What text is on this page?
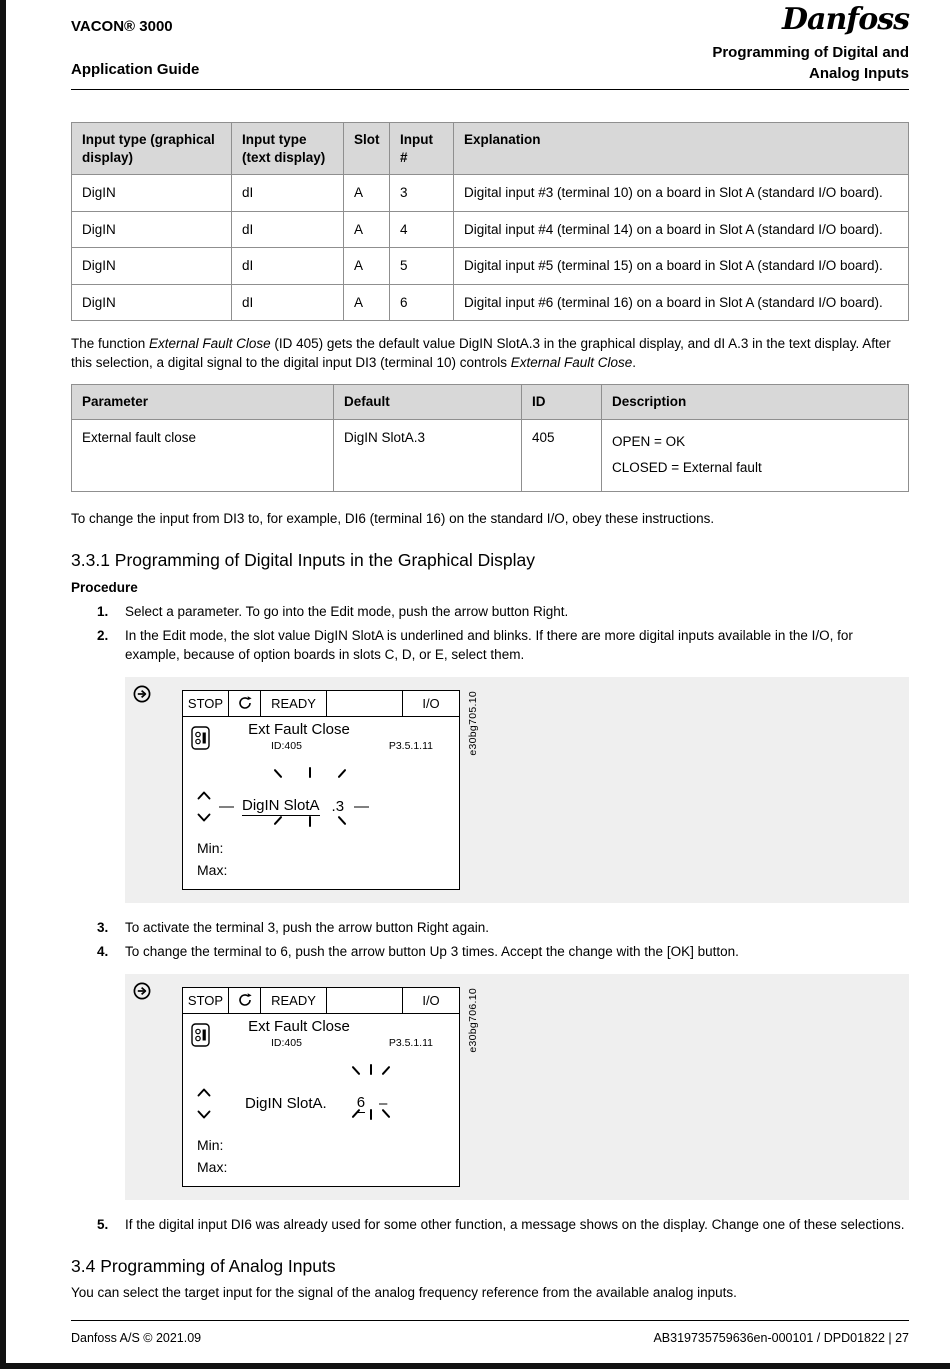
VACON® 3000
Application Guide
Danfoss
Programming of Digital and
Analog Inputs
Input type (graphical display)	Input type (text display)	Slot	Input #	Explanation
DigIN	dI	A	3	Digital input #3 (terminal 10) on a board in Slot A (standard I/O board).
DigIN	dI	A	4	Digital input #4 (terminal 14) on a board in Slot A (standard I/O board).
DigIN	dI	A	5	Digital input #5 (terminal 15) on a board in Slot A (standard I/O board).
DigIN	dI	A	6	Digital input #6 (terminal 16) on a board in Slot A (standard I/O board).

The function External Fault Close (ID 405) gets the default value DigIN SlotA.3 in the graphical display, and dI A.3 in the text display. After this selection, a digital signal to the digital input DI3 (terminal 10) controls External Fault Close.

Parameter	Default	ID	Description
External fault close	DigIN SlotA.3	405	OPEN = OK
CLOSED = External fault

To change the input from DI3 to, for example, DI6 (terminal 16) on the standard I/O, obey these instructions.

3.3.1 Programming of Digital Inputs in the Graphical Display
Procedure
1.	Select a parameter. To go into the Edit mode, push the arrow button Right.
2.	In the Edit mode, the slot value DigIN SlotA is underlined and blinks. If there are more digital inputs available in the I/O, for example, because of option boards in slots C, D, or E, select them.
STOP	READY	I/O
Ext Fault Close
ID:405	P3.5.1.11
— DigIN SlotA .3 —
Min:
Max:
e30bg705.10
3.	To activate the terminal 3, push the arrow button Right again.
4.	To change the terminal to 6, push the arrow button Up 3 times. Accept the change with the [OK] button.
STOP	READY	I/O
Ext Fault Close
ID:405	P3.5.1.11
DigIN SlotA. 6 –
Min:
Max:
e30bg706.10
5.	If the digital input DI6 was already used for some other function, a message shows on the display. Change one of these selections.
3.4 Programming of Analog Inputs

You can select the target input for the signal of the analog frequency reference from the available analog inputs.

Danfoss A/S © 2021.09	AB319735759636en-000101 / DPD01822 | 27
